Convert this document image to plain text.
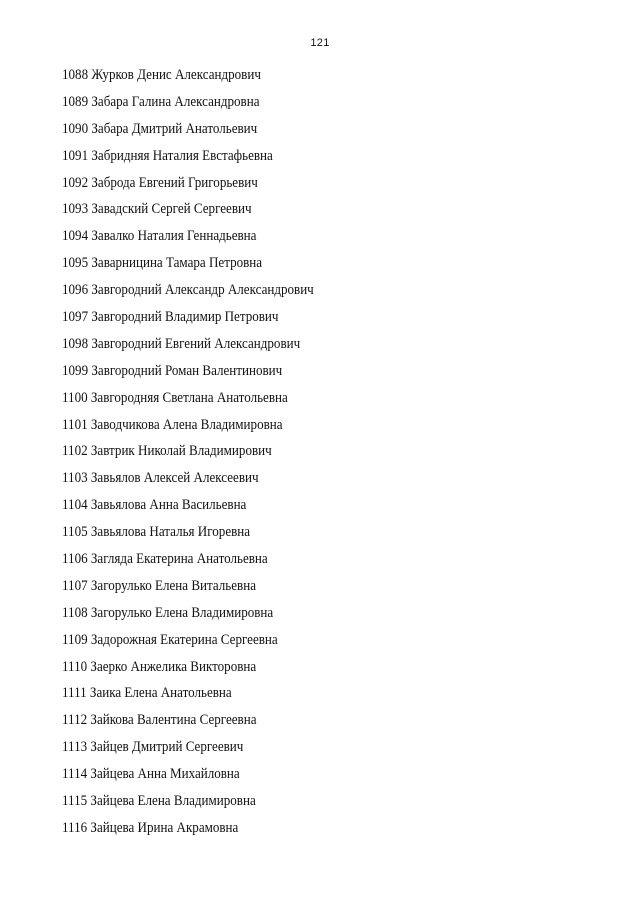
121
1088 Журков Денис Александрович
1089 Забара Галина Александровна
1090 Забара Дмитрий Анатольевич
1091 Забридняя Наталия Евстафьевна
1092 Заброда Евгений Григорьевич
1093 Завадский Сергей Сергеевич
1094 Завалко Наталия Геннадьевна
1095 Заварницина Тамара Петровна
1096 Завгородний Александр Александрович
1097 Завгородний Владимир Петрович
1098 Завгородний Евгений Александрович
1099 Завгородний Роман Валентинович
1100 Завгородняя Светлана Анатольевна
1101 Заводчикова Алена Владимировна
1102 Завтрик Николай Владимирович
1103 Завьялов Алексей Алексеевич
1104 Завьялова Анна Васильевна
1105 Завьялова Наталья Игоревна
1106 Загляда Екатерина Анатольевна
1107 Загорулько Елена Витальевна
1108 Загорулько Елена Владимировна
1109 Задорожная Екатерина Сергеевна
1110 Заерко Анжелика Викторовна
1111 Заика Елена Анатольевна
1112 Зайкова Валентина Сергеевна
1113 Зайцев Дмитрий Сергеевич
1114 Зайцева Анна Михайловна
1115 Зайцева Елена Владимировна
1116 Зайцева Ирина Акрамовна
